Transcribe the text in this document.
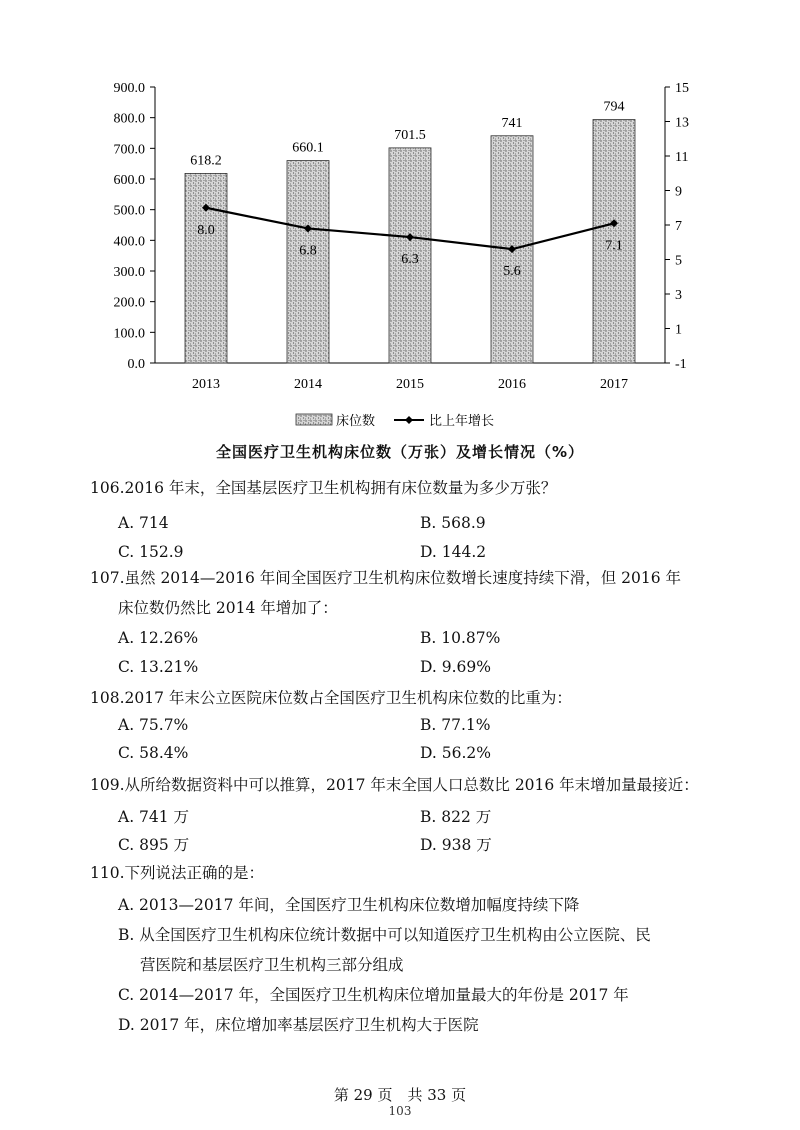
0.0
100.0
200.0
300.0
400.0
500.0
600.0
700.0
800.0
900.0
-1
1
3
5
7
9
11
13
15
2013
618.2
2014
660.1
2015
701.5
2016
741
2017
794
8.0
6.8
6.3
5.6
7.1
床位数	比上年增长
全国医疗卫生机构床位数（万张）及增长情况（%）
106.2016 年末，全国基层医疗卫生机构拥有床位数量为多少万张？
A. 714	B. 568.9
C. 152.9	D. 144.2
107.虽然 2014—2016 年间全国医疗卫生机构床位数增长速度持续下滑，但 2016 年
床位数仍然比 2014 年增加了：
A. 12.26%	B. 10.87%
C. 13.21%	D. 9.69%
108.2017 年末公立医院床位数占全国医疗卫生机构床位数的比重为：
A. 75.7%	B. 77.1%
C. 58.4%	D. 56.2%
109.从所给数据资料中可以推算，2017 年末全国人口总数比 2016 年末增加量最接近：
A. 741 万	B. 822 万
C. 895 万	D. 938 万
110.下列说法正确的是：
A. 2013—2017 年间，全国医疗卫生机构床位数增加幅度持续下降
B. 从全国医疗卫生机构床位统计数据中可以知道医疗卫生机构由公立医院、民
营医院和基层医疗卫生机构三部分组成
C. 2014—2017 年，全国医疗卫生机构床位增加量最大的年份是 2017 年
D. 2017 年，床位增加率基层医疗卫生机构大于医院
第 29 页　共 33 页
103
